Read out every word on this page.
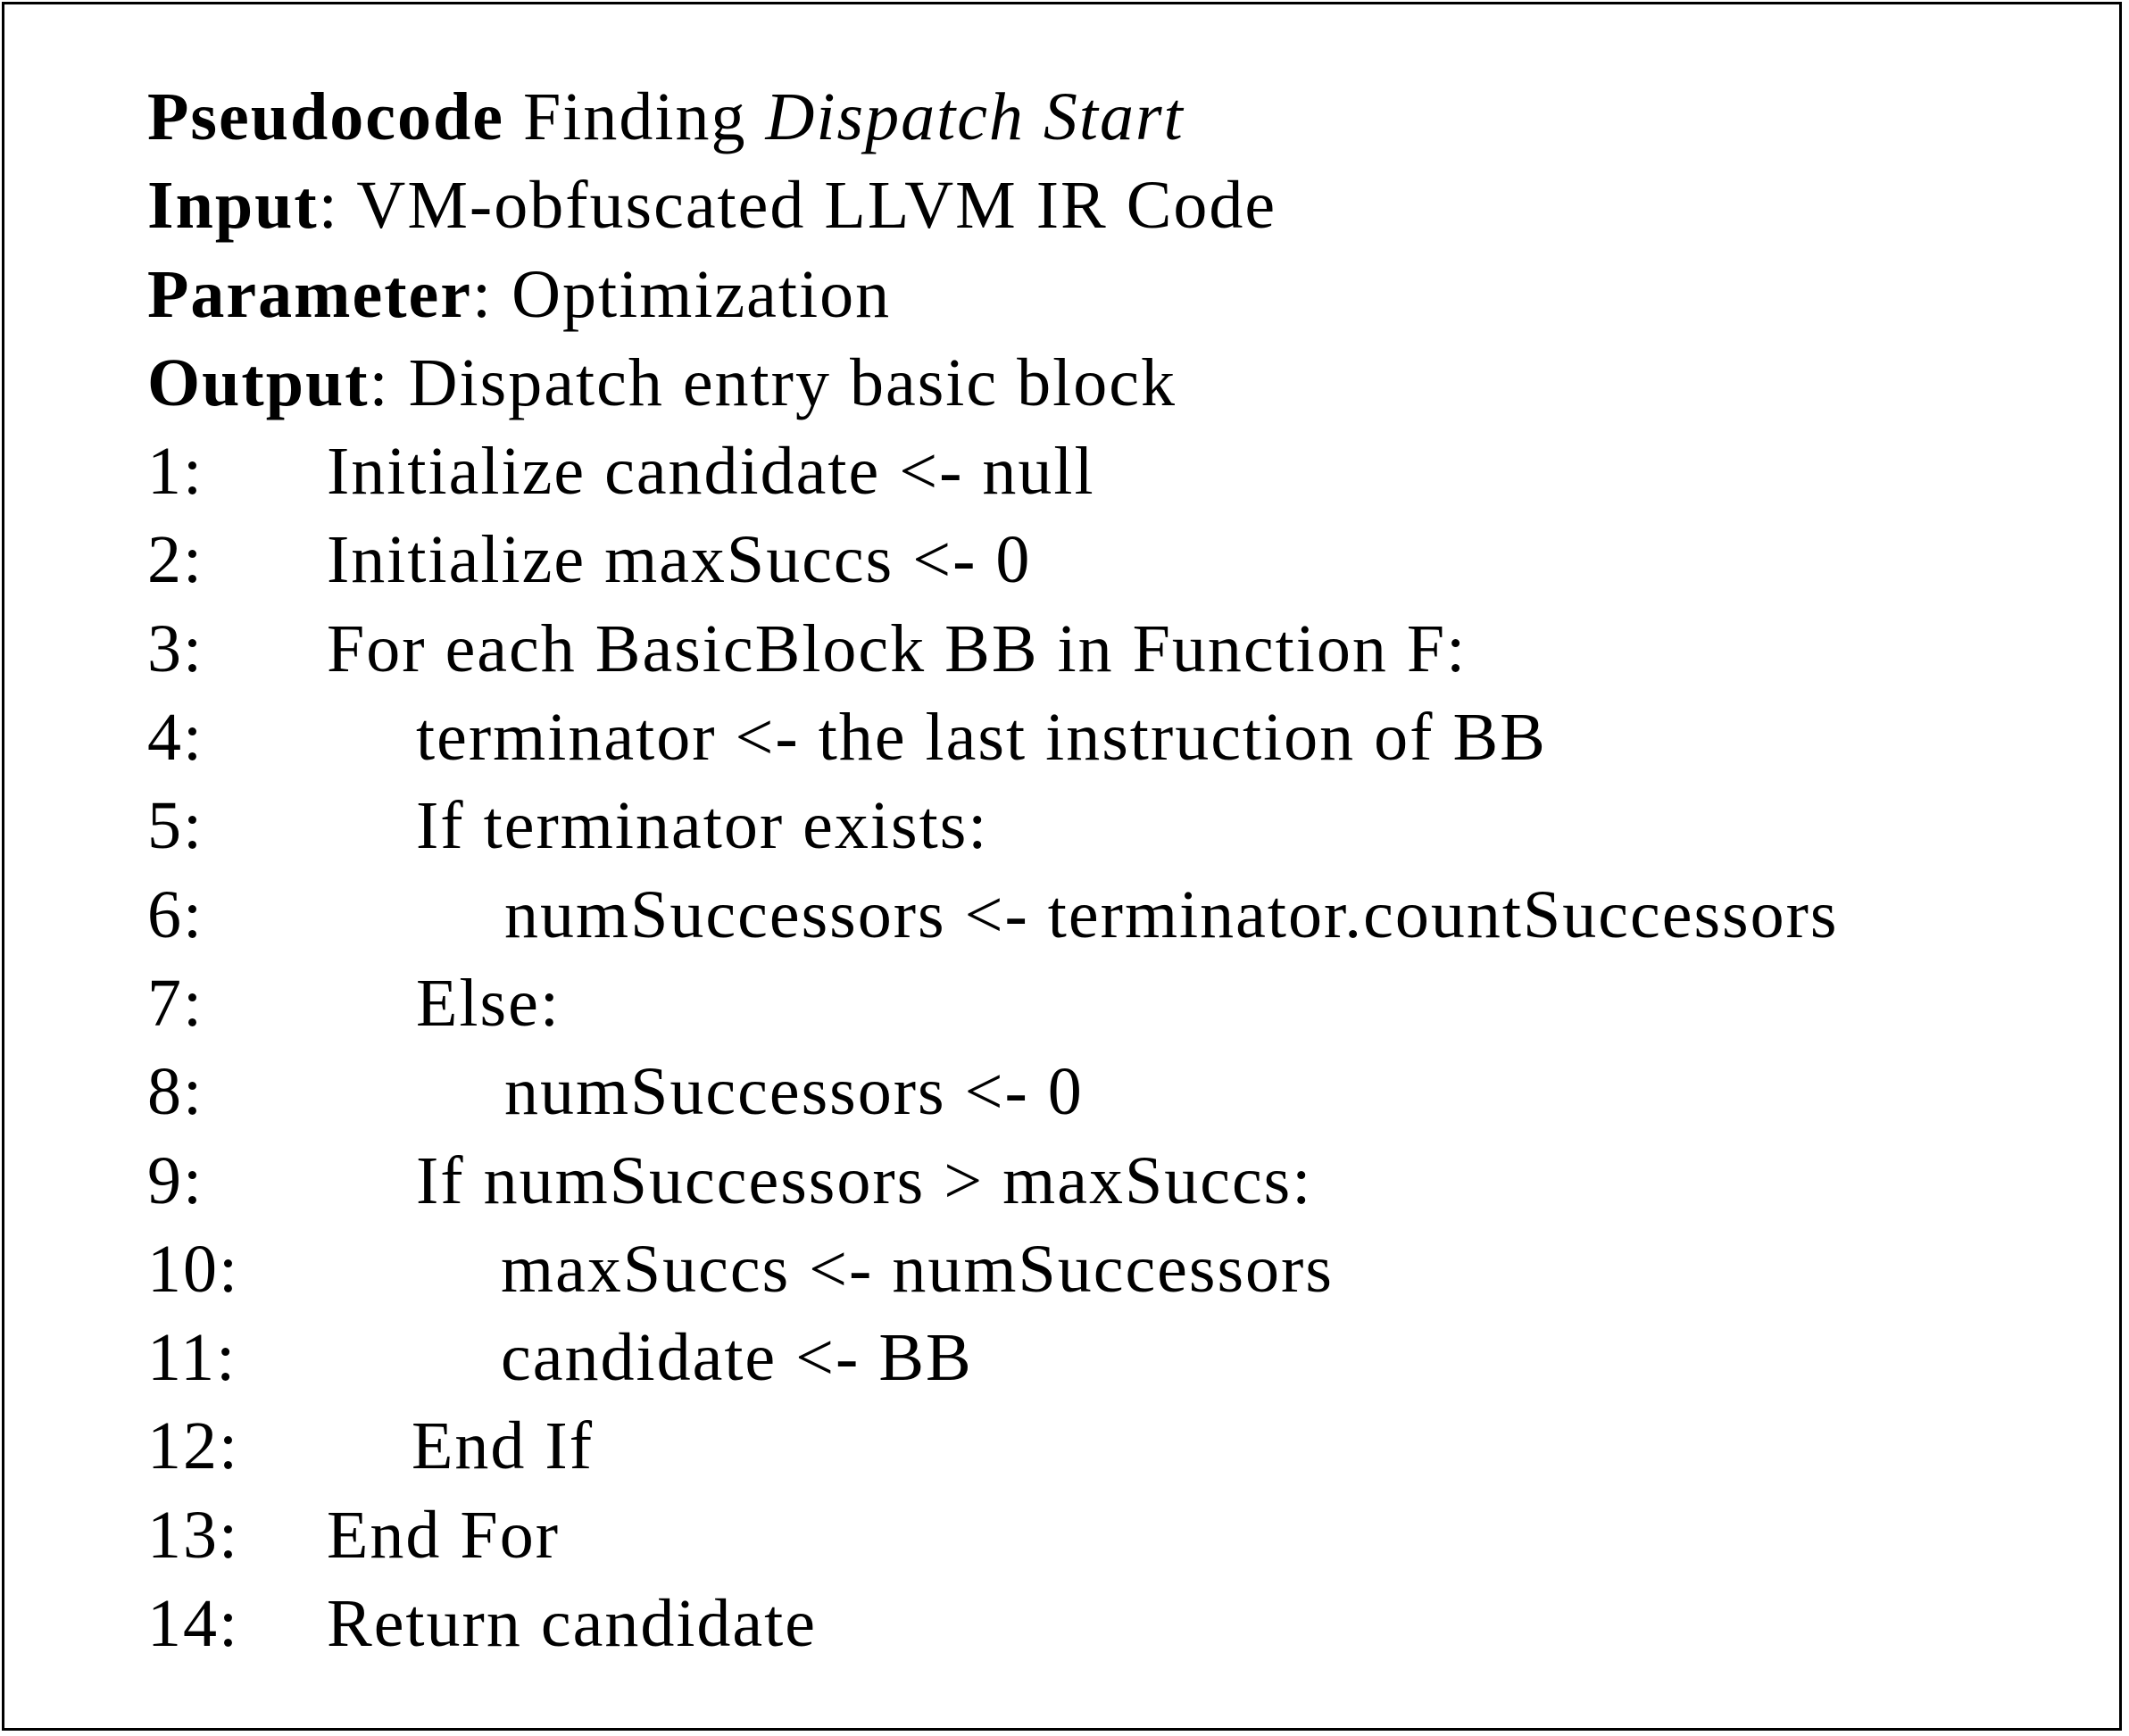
Pseudocode Finding Dispatch Start
Input: VM-obfuscated LLVM IR Code
Parameter: Optimization
Output: Dispatch entry basic block
1: Initialize candidate <- null
2: Initialize maxSuccs <- 0
3: For each BasicBlock BB in Function F:
4:	terminator <- the last instruction of BB
5:	If terminator exists:
6:	numSuccessors <- terminator.countSuccessors
7:	Else:
8:	numSuccessors <- 0
9:	If numSuccessors > maxSuccs:
10:	maxSuccs <- numSuccessors
11:	candidate <- BB
12:	End If
13: End For
14: Return candidate
